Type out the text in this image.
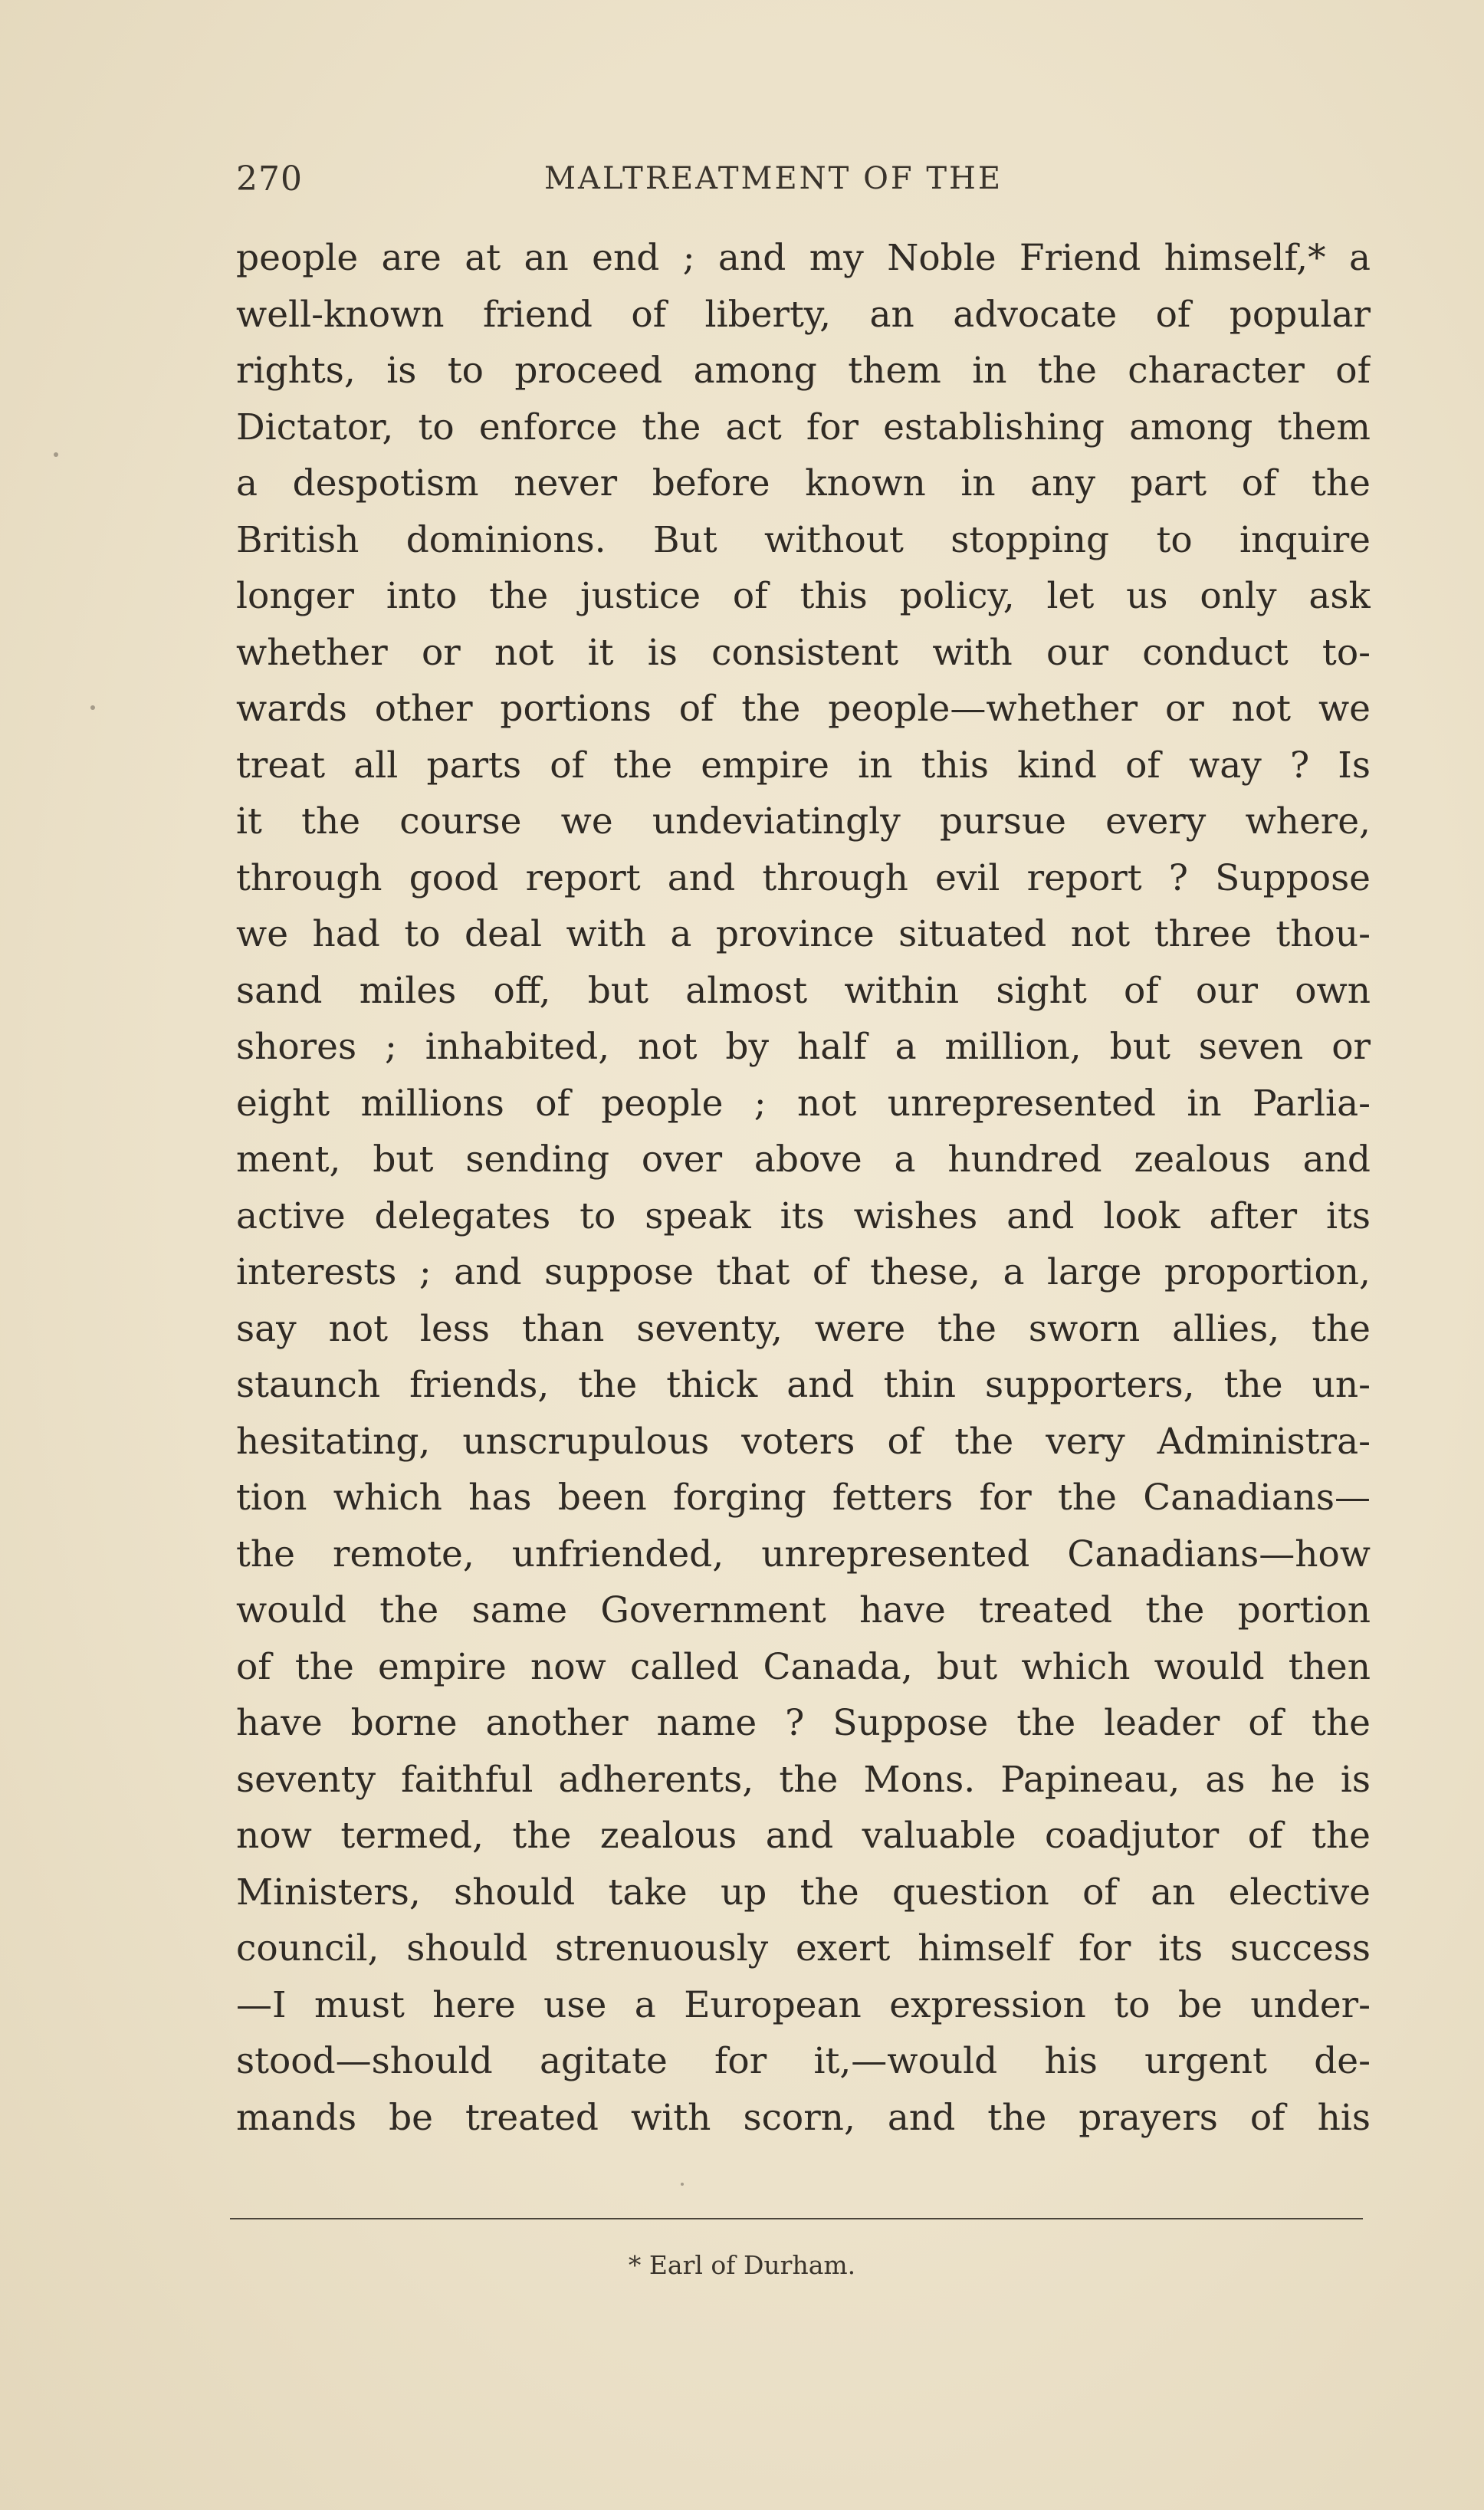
270	MALTREATMENT OF THE
people are at an end ; and my Noble Friend himself,* a
well-known friend of liberty, an advocate of popular
rights, is to proceed among them in the character of
Dictator, to enforce the act for establishing among them
a despotism never before known in any part of the
British dominions. But without stopping to inquire
longer into the justice of this policy, let us only ask
whether or not it is consistent with our conduct to-
wards other portions of the people—whether or not we
treat all parts of the empire in this kind of way ? Is
it the course we undeviatingly pursue every where,
through good report and through evil report ? Suppose
we had to deal with a province situated not three thou-
sand miles off, but almost within sight of our own
shores ; inhabited, not by half a million, but seven or
eight millions of people ; not unrepresented in Parlia-
ment, but sending over above a hundred zealous and
active delegates to speak its wishes and look after its
interests ; and suppose that of these, a large proportion,
say not less than seventy, were the sworn allies, the
staunch friends, the thick and thin supporters, the un-
hesitating, unscrupulous voters of the very Administra-
tion which has been forging fetters for the Canadians—
the remote, unfriended, unrepresented Canadians—how
would the same Government have treated the portion
of the empire now called Canada, but which would then
have borne another name ? Suppose the leader of the
seventy faithful adherents, the Mons. Papineau, as he is
now termed, the zealous and valuable coadjutor of the
Ministers, should take up the question of an elective
council, should strenuously exert himself for its success
—I must here use a European expression to be under-
stood—should agitate for it,—would his urgent de-
mands be treated with scorn, and the prayers of his
* Earl of Durham.
